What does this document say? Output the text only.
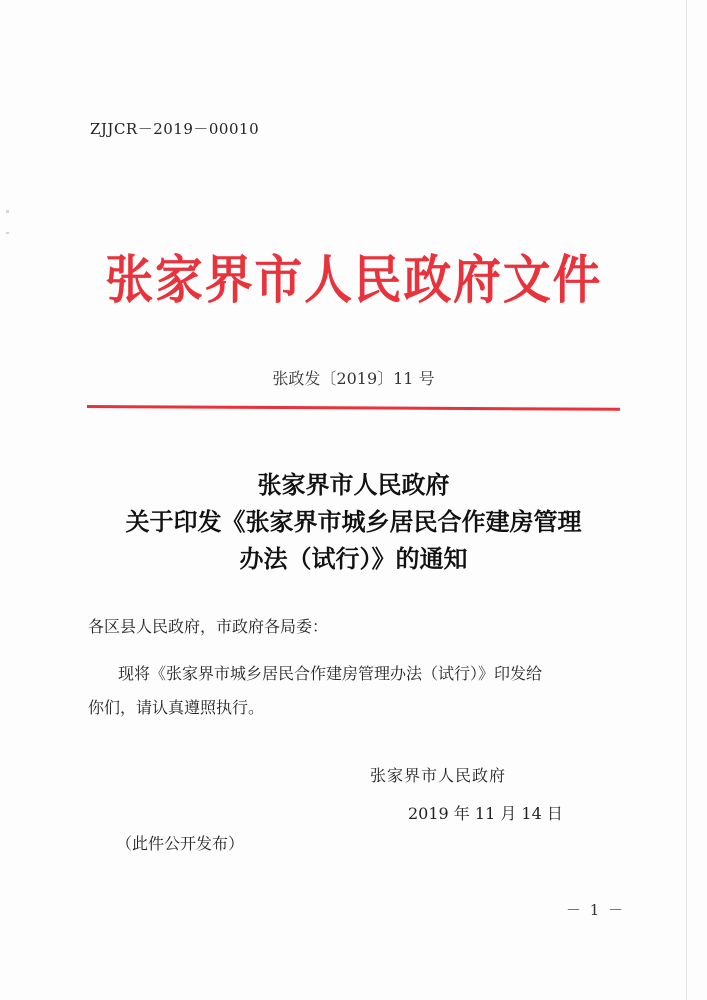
ZJJCR－2019－00010
张家界市人民政府文件
张政发〔2019〕11 号
张家界市人民政府
关于印发《张家界市城乡居民合作建房管理
办法（试行）》的通知
各区县人民政府，市政府各局委：
现将《张家界市城乡居民合作建房管理办法（试行）》印发给
你们，请认真遵照执行。
张家界市人民政府
2019 年 11 月 14 日
（此件公开发布）
－ 1 －
